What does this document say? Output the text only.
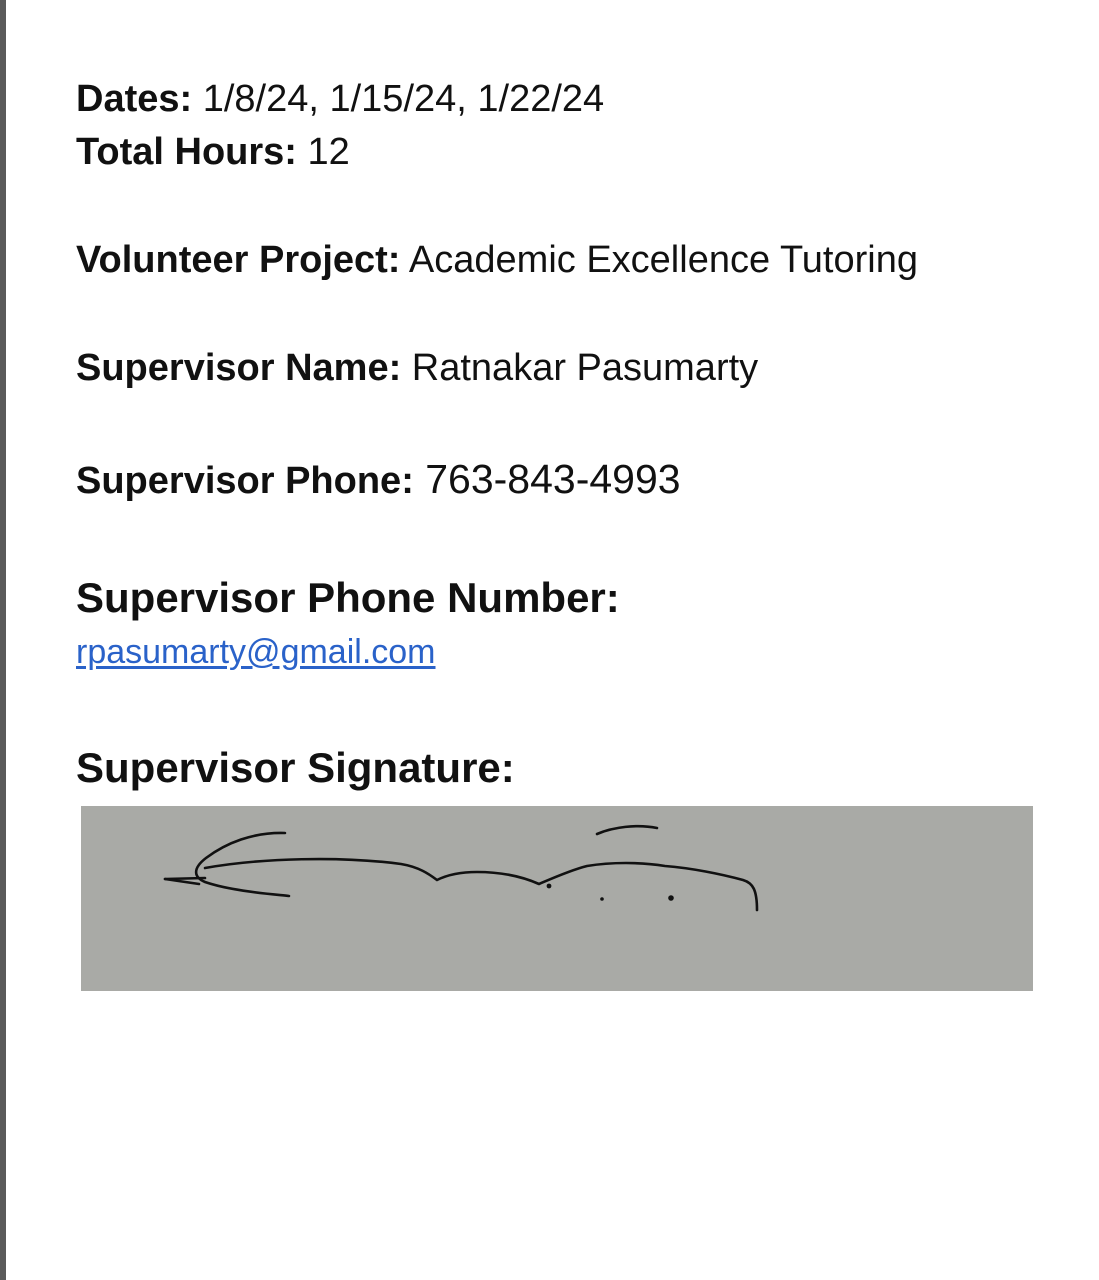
Dates: 1/8/24, 1/15/24, 1/22/24
Total Hours: 12
Volunteer Project: Academic Excellence Tutoring
Supervisor Name: Ratnakar Pasumarty
Supervisor Phone: 763-843-4993
Supervisor Phone Number:
rpasumarty@gmail.com
Supervisor Signature:
